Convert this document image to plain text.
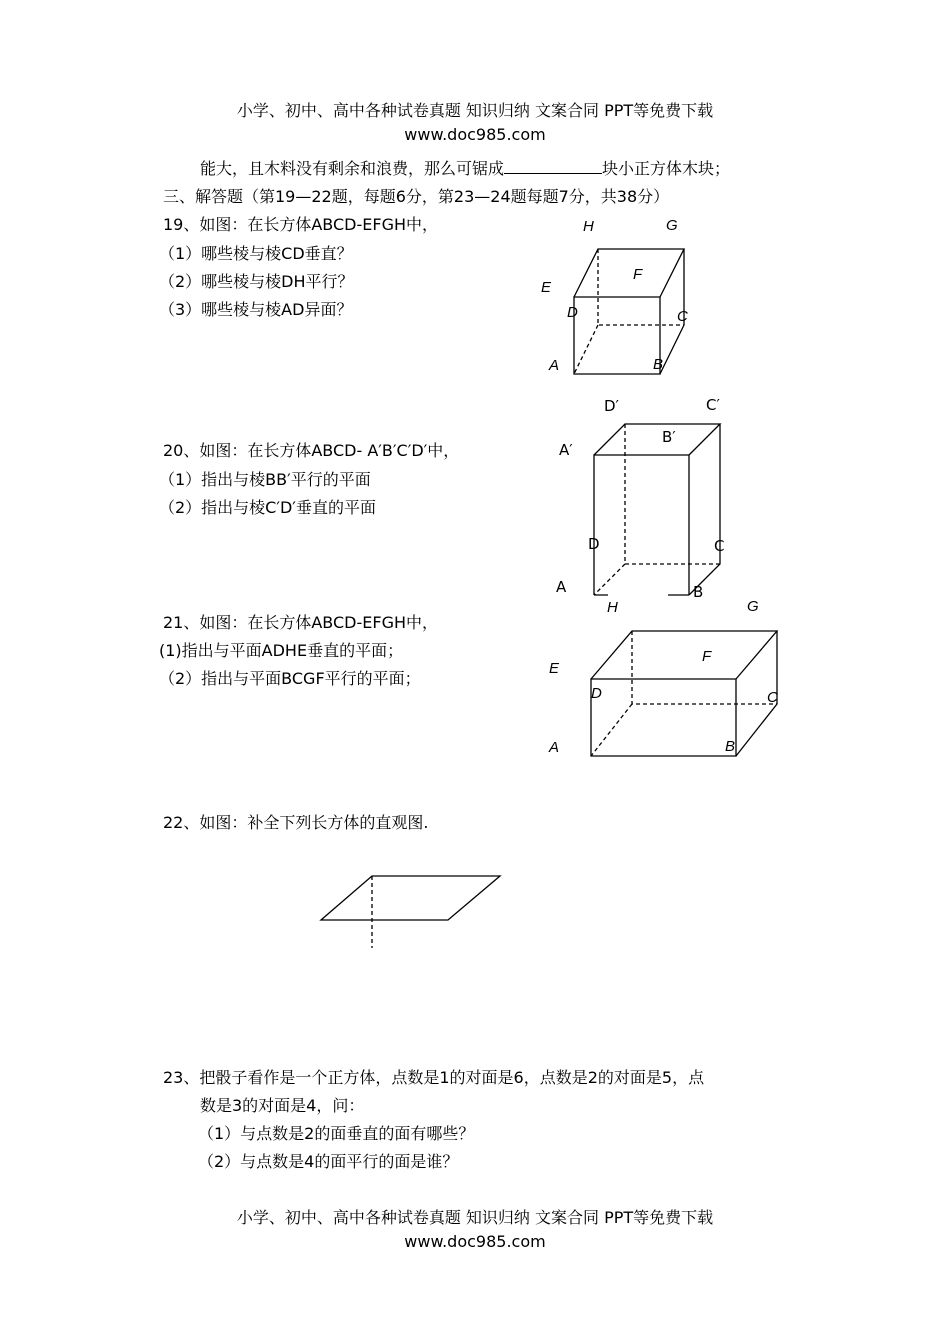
小学、初中、高中各种试卷真题 知识归纳 文案合同 PPT等免费下载
www.doc985.com
能大，且木料没有剩余和浪费，那么可锯成	块小正方体木块；
三、解答题（第19—22题，每题6分，第23—24题每题7分，共38分）
19、如图：在长方体ABCD-EFGH中，
（1）哪些棱与棱CD垂直？
（2）哪些棱与棱DH平行？
（3）哪些棱与棱AD异面？
20、如图：在长方体ABCD- A′B′C′D′中，
（1）指出与棱BB′平行的平面
（2）指出与棱C′D′垂直的平面
21、如图：在长方体ABCD-EFGH中，
(1)指出与平面ADHE垂直的平面；
（2）指出与平面BCGF平行的平面；
22、如图：补全下列长方体的直观图.
23、把骰子看作是一个正方体，点数是1的对面是6，点数是2的对面是5，点
数是3的对面是4，问：
（1）与点数是2的面垂直的面有哪些？
（2）与点数是4的面平行的面是谁？
小学、初中、高中各种试卷真题 知识归纳 文案合同 PPT等免费下载
www.doc985.com
H	G
F
E
D	C
A	B
D′	C′
A′
B′
D	C
A	B
H	G
F
E
D	C
A	B
